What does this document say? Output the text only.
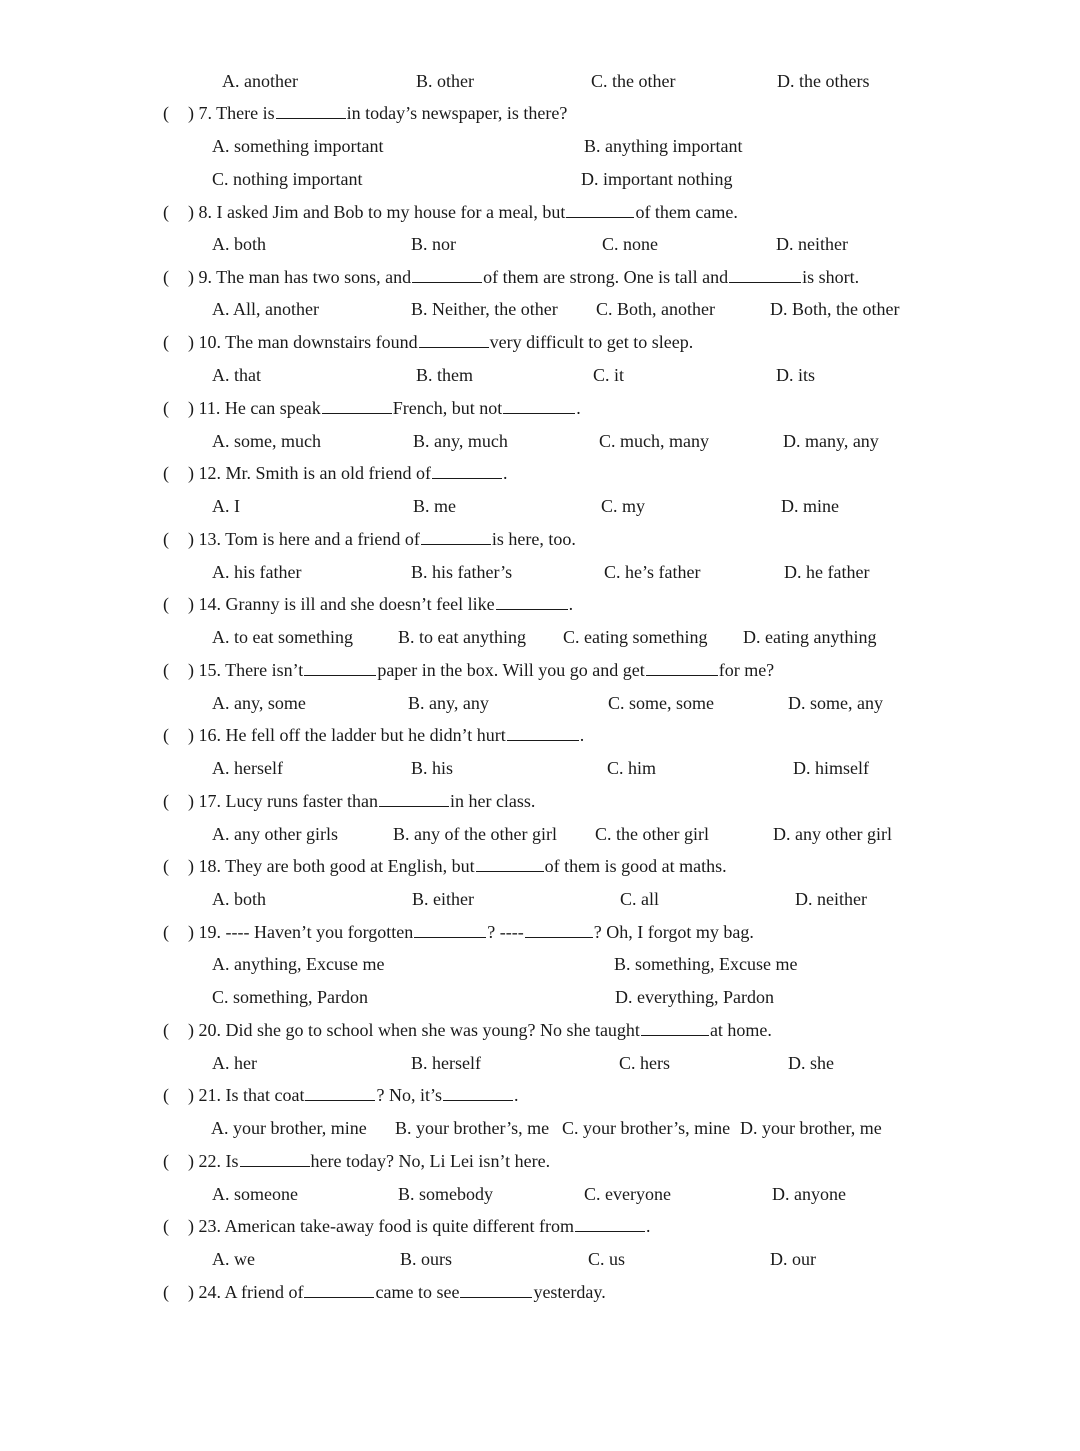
A. another	B. other	C. the other	D. the others
( ) 7. There is	in today’s newspaper, is there?
A. something important	B. anything important
C. nothing important	D. important nothing
( ) 8. I asked Jim and Bob to my house for a meal, but	of them came.
A. both	B. nor	C. none	D. neither
( ) 9. The man has two sons, and	of them are strong. One is tall and	is short.
A. All, another	B. Neither, the other C. Both, another	D. Both, the other
( ) 10. The man downstairs found	very difficult to get to sleep.
A. that	B. them	C. it	D. its
( ) 11. He can speak	French, but not	.
A. some, much	B. any, much	C. much, many	D. many, any
( ) 12. Mr. Smith is an old friend of	.
A. I	B. me	C. my	D. mine
( ) 13. Tom is here and a friend of	is here, too.
A. his father	B. his father’s	C. he’s father	D. he father
( ) 14. Granny is ill and she doesn’t feel like	.
A. to eat something	B. to eat anything C. eating something D. eating anything
( ) 15. There isn’t	paper in the box. Will you go and get	for me?
A. any, some	B. any, any	C. some, some	D. some, any
( ) 16. He fell off the ladder but he didn’t hurt	.
A. herself	B. his	C. him	D. himself
( ) 17. Lucy runs faster than	in her class.
A. any other girls	B. any of the other girl C. the other girl	D. any other girl
( ) 18. They are both good at English, but	of them is good at maths.
A. both	B. either	C. all	D. neither
( ) 19. ---- Haven’t you forgotten	? ----	? Oh, I forgot my bag.
A. anything, Excuse me	B. something, Excuse me
C. something, Pardon	D. everything, Pardon
( ) 20. Did she go to school when she was young? No she taught	at home.
A. her	B. herself	C. hers	D. she
( ) 21. Is that coat	? No, it’s	.
A. your brother, mine B. your brother’s, me C. your brother’s, mine D. your brother, me
( ) 22. Is	here today? No, Li Lei isn’t here.
A. someone	B. somebody	C. everyone	D. anyone
( ) 23. American take-away food is quite different from	.
A. we	B. ours	C. us	D. our
( ) 24. A friend of	came to see	yesterday.
